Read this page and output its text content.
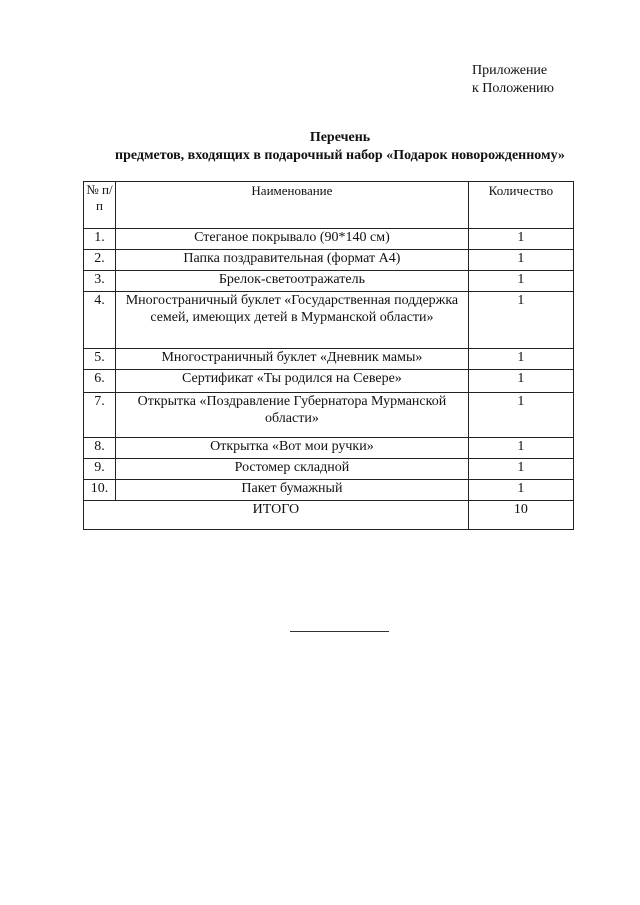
Приложение
к Положению
Перечень
предметов, входящих в подарочный набор «Подарок новорожденному»
№ п/п	Наименование	Количество
1.	Стеганое покрывало (90*140 см)	1
2.	Папка поздравительная (формат А4)	1
3.	Брелок-светоотражатель	1
4.	Многостраничный буклет «Государственная поддержка семей, имеющих детей в Мурманской области»	1
5.	Многостраничный буклет «Дневник мамы»	1
6.	Сертификат «Ты родился на Севере»	1
7.	Открытка «Поздравление Губернатора Мурманской области»	1
8.	Открытка «Вот мои ручки»	1
9.	Ростомер складной	1
10.	Пакет бумажный	1
ИТОГО		10
